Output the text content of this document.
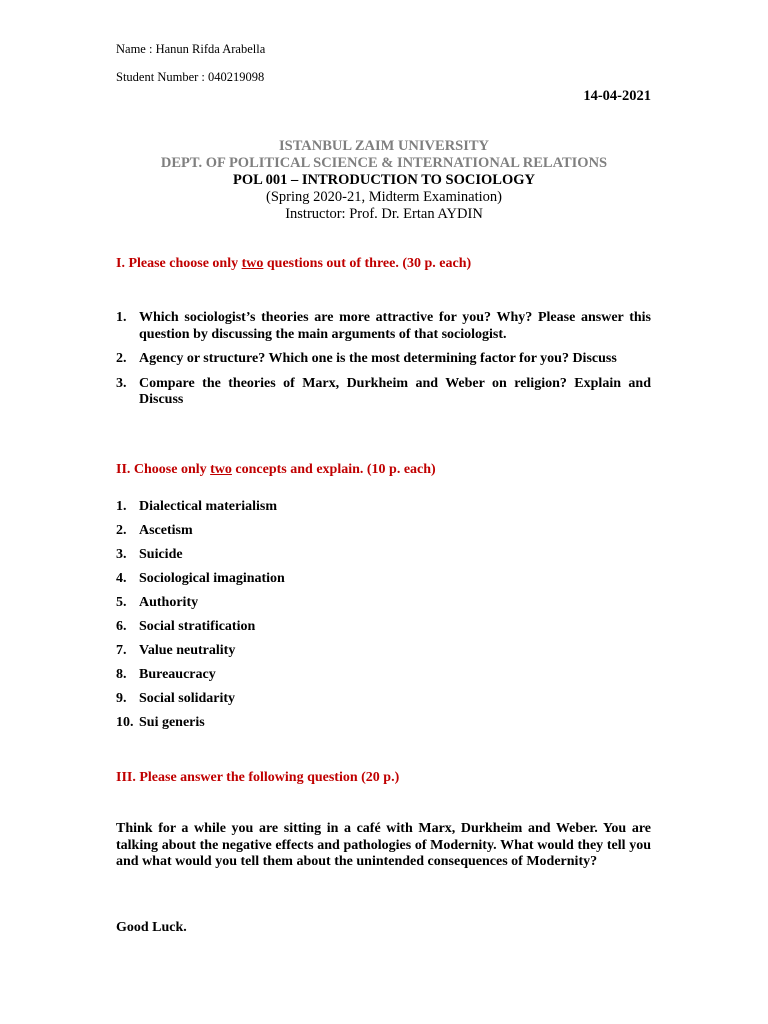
Name : Hanun Rifda Arabella
Student Number : 040219098
14-04-2021
ISTANBUL ZAIM UNIVERSITY
DEPT. OF POLITICAL SCIENCE & INTERNATIONAL RELATIONS
POL 001 – INTRODUCTION TO SOCIOLOGY
(Spring 2020-21, Midterm Examination)
Instructor: Prof. Dr. Ertan AYDIN
I. Please choose only two questions out of three. (30 p. each)
1. Which sociologist’s theories are more attractive for you? Why? Please answer this question by discussing the main arguments of that sociologist.
2. Agency or structure? Which one is the most determining factor for you? Discuss
3. Compare the theories of Marx, Durkheim and Weber on religion? Explain and Discuss
II. Choose only two concepts and explain. (10 p. each)
1. Dialectical materialism
2. Ascetism
3. Suicide
4. Sociological imagination
5. Authority
6. Social stratification
7. Value neutrality
8. Bureaucracy
9. Social solidarity
10. Sui generis
III. Please answer the following question (20 p.)
Think for a while you are sitting in a café with Marx, Durkheim and Weber. You are talking about the negative effects and pathologies of Modernity. What would they tell you and what would you tell them about the unintended consequences of Modernity?
Good Luck.
